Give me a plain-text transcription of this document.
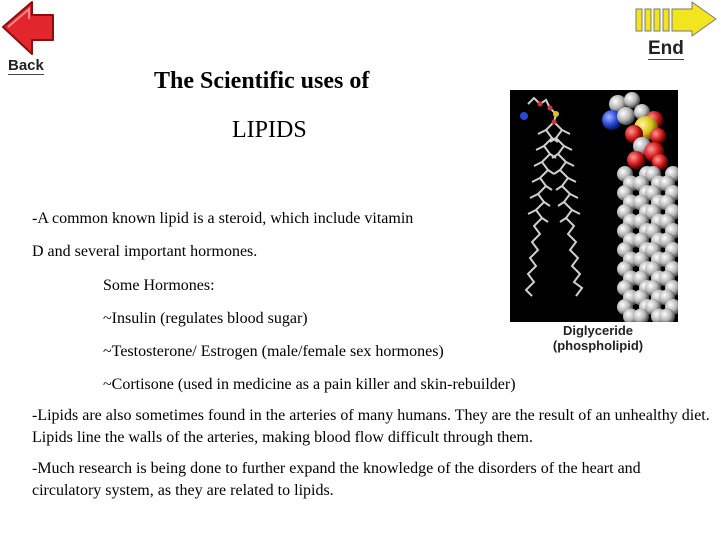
Back
End
The Scientific uses of
LIPIDS
-A common known lipid is a steroid, which include vitamin
D and several important hormones.
Some Hormones:
~Insulin (regulates blood sugar)
~Testosterone/ Estrogen (male/female sex hormones)
~Cortisone (used in medicine as a pain killer and skin-rebuilder)
-Lipids are also sometimes found in the arteries of many humans. They are the result of an unhealthy diet. Lipids line the walls of the arteries, making blood flow difficult through them.
-Much research is being done to further expand the knowledge of the disorders of the heart and circulatory system, as they are related to lipids.
Diglyceride
(phospholipid)
